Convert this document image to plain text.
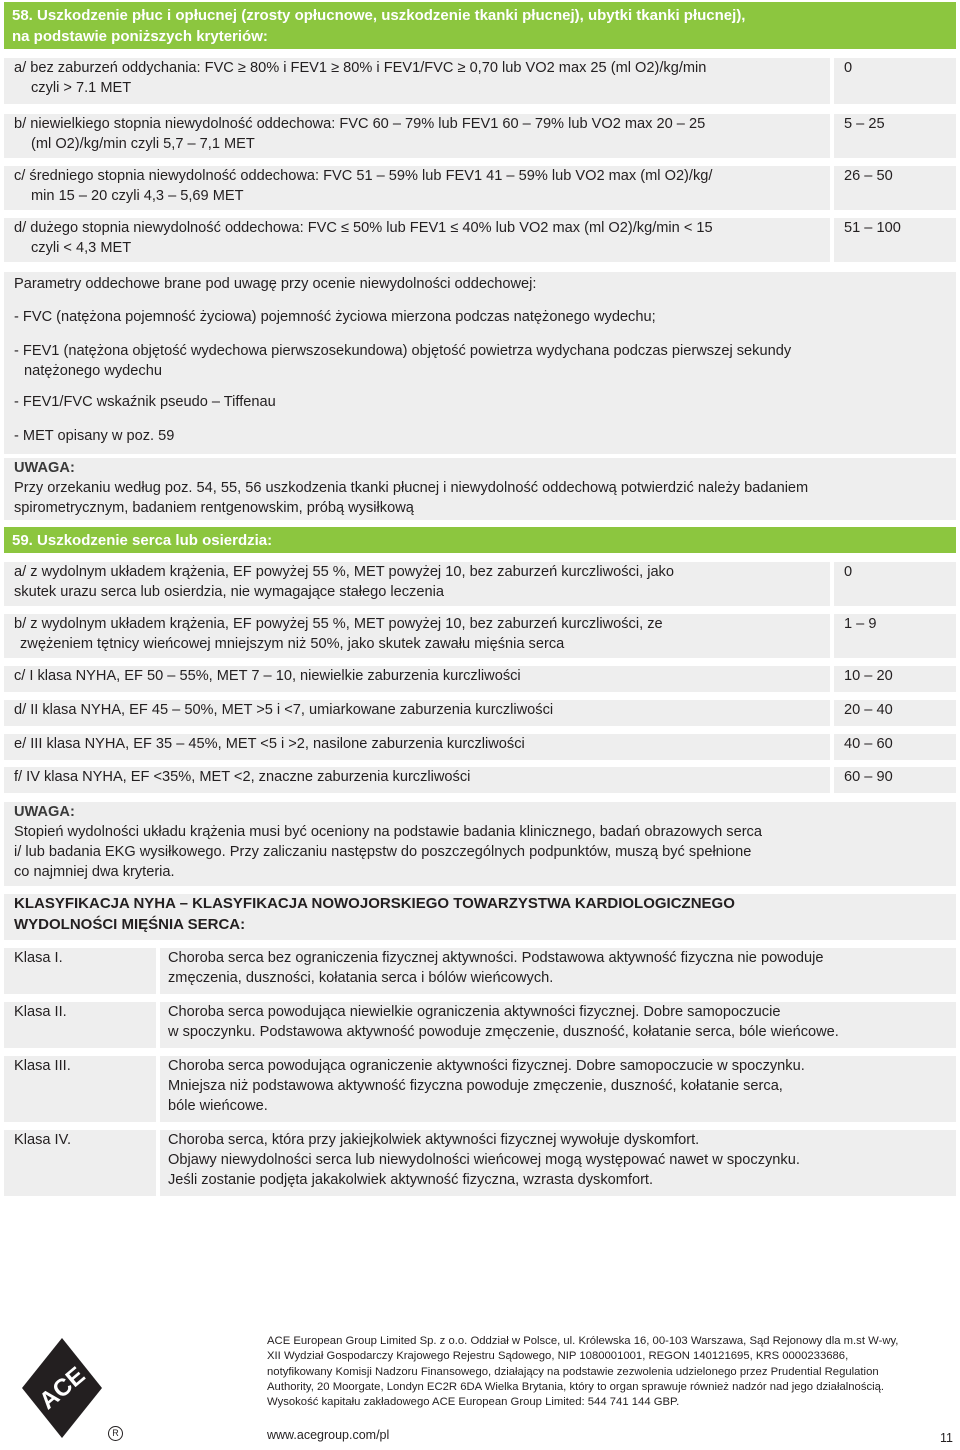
58. Uszkodzenie płuc i opłucnej (zrosty opłucnowe, uszkodzenie tkanki płucnej), ubytki tkanki płucnej),
na podstawie poniższych kryteriów:
a/ bez zaburzeń oddychania: FVC ≥ 80% i FEV1 ≥ 80% i FEV1/FVC ≥ 0,70 lub VO2 max 25 (ml O2)/kg/min
czyli > 7.1 MET
0
b/ niewielkiego stopnia niewydolność oddechowa: FVC 60 – 79% lub FEV1 60 – 79% lub VO2 max 20 – 25
(ml O2)/kg/min czyli 5,7 – 7,1 MET
5 – 25
c/ średniego stopnia niewydolność oddechowa: FVC 51 – 59% lub FEV1 41 – 59% lub VO2 max (ml O2)/kg/
min 15 – 20 czyli 4,3 – 5,69 MET
26 – 50
d/ dużego stopnia niewydolność oddechowa: FVC ≤ 50% lub FEV1 ≤ 40% lub VO2 max (ml O2)/kg/min < 15
czyli < 4,3 MET
51 – 100
Parametry oddechowe brane pod uwagę przy ocenie niewydolności oddechowej:
- FVC (natężona pojemność życiowa) pojemność życiowa mierzona podczas natężonego wydechu;
- FEV1 (natężona objętość wydechowa pierwszosekundowa) objętość powietrza wydychana podczas pierwszej sekundy
natężonego wydechu
- FEV1/FVC wskaźnik pseudo – Tiffenau
- MET opisany w poz. 59
UWAGA:
Przy orzekaniu według poz. 54, 55, 56 uszkodzenia tkanki płucnej i niewydolność oddechową potwierdzić należy badaniem
spirometrycznym, badaniem rentgenowskim, próbą wysiłkową
59. Uszkodzenie serca lub osierdzia:
a/ z wydolnym układem krążenia, EF powyżej 55 %, MET powyżej 10, bez zaburzeń kurczliwości, jako
skutek urazu serca lub osierdzia, nie wymagające stałego leczenia
0
b/ z wydolnym układem krążenia, EF powyżej 55 %, MET powyżej 10, bez zaburzeń kurczliwości, ze
zwężeniem tętnicy wieńcowej mniejszym niż 50%, jako skutek zawału mięśnia serca
1 – 9
c/ I klasa NYHA, EF 50 – 55%, MET 7 – 10, niewielkie zaburzenia kurczliwości	10 – 20
d/ II klasa NYHA, EF 45 – 50%, MET >5 i <7, umiarkowane zaburzenia kurczliwości	20 – 40
e/ III klasa NYHA, EF 35 – 45%, MET <5 i >2, nasilone zaburzenia kurczliwości	40 – 60
f/ IV klasa NYHA, EF <35%, MET <2, znaczne zaburzenia kurczliwości	60 – 90
UWAGA:
Stopień wydolności układu krążenia musi być oceniony na podstawie badania klinicznego, badań obrazowych serca
i/ lub badania EKG wysiłkowego. Przy zaliczaniu następstw do poszczególnych podpunktów, muszą być spełnione
co najmniej dwa kryteria.
KLASYFIKACJA NYHA – KLASYFIKACJA NOWOJORSKIEGO TOWARZYSTWA KARDIOLOGICZNEGO
WYDOLNOŚCI MIĘŚNIA SERCA:
Klasa I.	Choroba serca bez ograniczenia fizycznej aktywności. Podstawowa aktywność fizyczna nie powoduje
zmęczenia, duszności, kołatania serca i bólów wieńcowych.
Klasa II.	Choroba serca powodująca niewielkie ograniczenia aktywności fizycznej. Dobre samopoczucie
w spoczynku. Podstawowa aktywność powoduje zmęczenie, duszność, kołatanie serca, bóle wieńcowe.
Klasa III.	Choroba serca powodująca ograniczenie aktywności fizycznej. Dobre samopoczucie w spoczynku.
Mniejsza niż podstawowa aktywność fizyczna powoduje zmęczenie, duszność, kołatanie serca,
bóle wieńcowe.
Klasa IV.	Choroba serca, która przy jakiejkolwiek aktywności fizycznej wywołuje dyskomfort.
Objawy niewydolności serca lub niewydolności wieńcowej mogą występować nawet w spoczynku.
Jeśli zostanie podjęta jakakolwiek aktywność fizyczna, wzrasta dyskomfort.
ACE
R
ACE European Group Limited Sp. z o.o. Oddział w Polsce, ul. Królewska 16, 00-103 Warszawa, Sąd Rejonowy dla m.st W-wy,
XII Wydział Gospodarczy Krajowego Rejestru Sądowego, NIP 1080001001, REGON 140121695, KRS 0000233686,
notyfikowany Komisji Nadzoru Finansowego, działający na podstawie zezwolenia udzielonego przez Prudential Regulation
Authority, 20 Moorgate, Londyn EC2R 6DA Wielka Brytania, który to organ sprawuje również nadzór nad jego działalnością.
Wysokość kapitału zakładowego ACE European Group Limited: 544 741 144 GBP.
www.acegroup.com/pl	11
